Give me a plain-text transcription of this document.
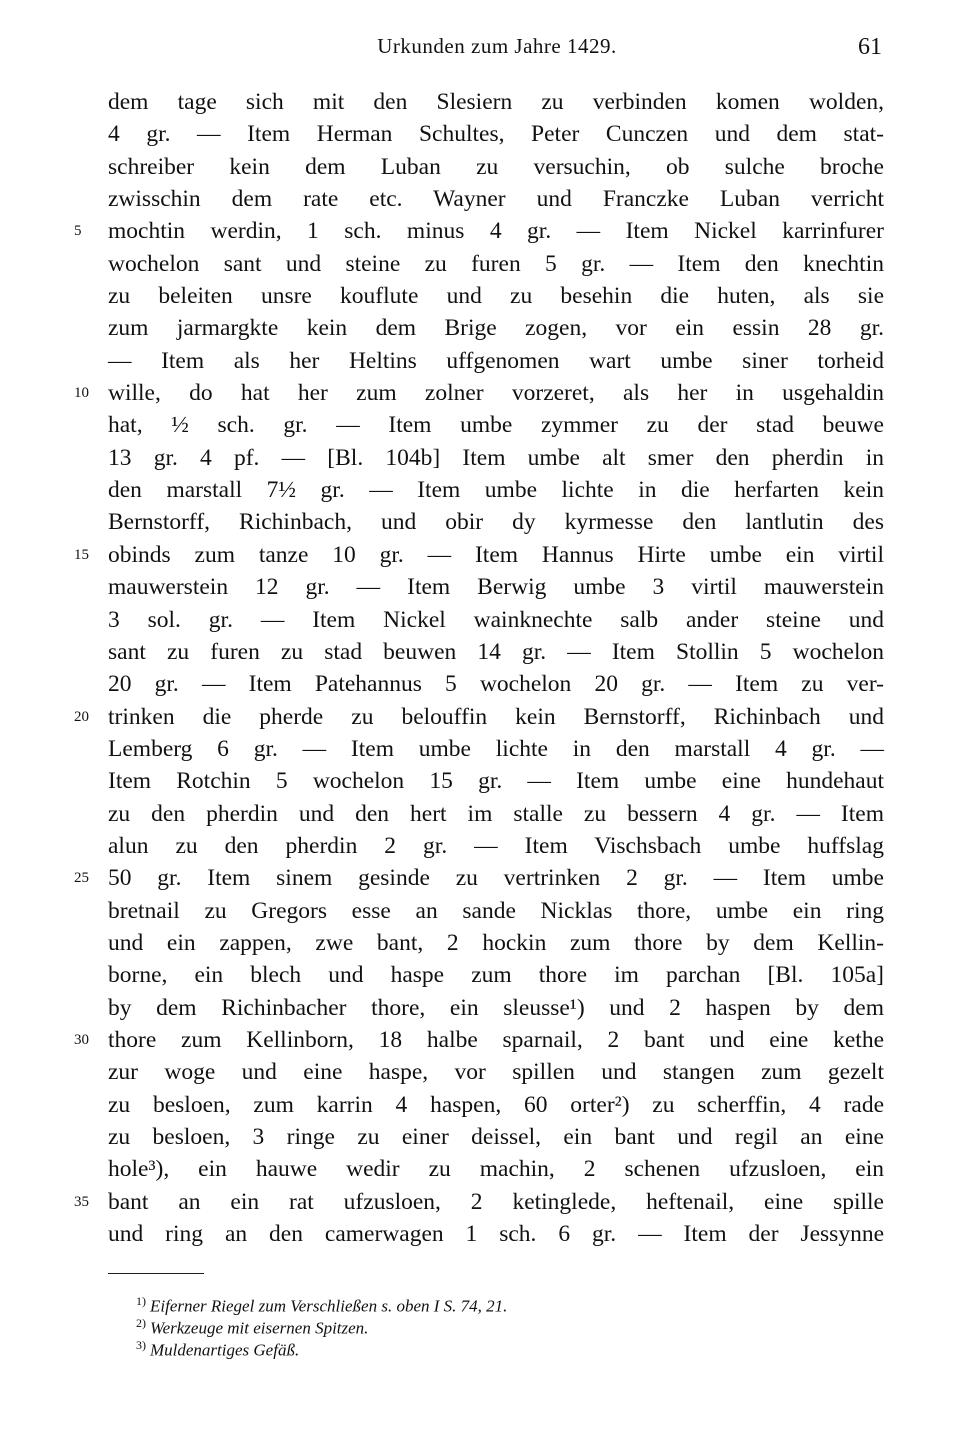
Urkunden zum Jahre 1429.	61
dem tage sich mit den Slesiern zu verbinden komen wolden,
4 gr. — Item Herman Schultes, Peter Cunczen und dem stat-
schreiber kein dem Luban zu versuchin, ob sulche broche
zwisschin dem rate etc. Wayner und Franczke Luban verricht
5	mochtin werdin, 1 sch. minus 4 gr. — Item Nickel karrinfurer
wochelon sant und steine zu furen 5 gr. — Item den knechtin
zu beleiten unsre kouflute und zu besehin die huten, als sie
zum jarmargkte kein dem Brige zogen, vor ein essin 28 gr.
— Item als her Heltins uffgenomen wart umbe siner torheid
10 wille, do hat her zum zolner vorzeret, als her in usgehaldin
hat, ½ sch. gr. — Item umbe zymmer zu der stad beuwe
13 gr. 4 pf. — [Bl. 104b] Item umbe alt smer den pherdin in
den marstall 7½ gr. — Item umbe lichte in die herfarten kein
Bernstorff, Richinbach, und obir dy kyrmesse den lantlutin des
15 obinds zum tanze 10 gr. — Item Hannus Hirte umbe ein virtil
mauwerstein 12 gr. — Item Berwig umbe 3 virtil mauwerstein
3 sol. gr. — Item Nickel wainknechte salb ander steine und
sant zu furen zu stad beuwen 14 gr. — Item Stollin 5 wochelon
20 gr. — Item Patehannus 5 wochelon 20 gr. — Item zu ver-
20 trinken die pherde zu belouffin kein Bernstorff, Richinbach und
Lemberg 6 gr. — Item umbe lichte in den marstall 4 gr. —
Item Rotchin 5 wochelon 15 gr. — Item umbe eine hundehaut
zu den pherdin und den hert im stalle zu bessern 4 gr. — Item
alun zu den pherdin 2 gr. — Item Vischsbach umbe huffslag
25 50 gr. Item sinem gesinde zu vertrinken 2 gr. — Item umbe
bretnail zu Gregors esse an sande Nicklas thore, umbe ein ring
und ein zappen, zwe bant, 2 hockin zum thore by dem Kellin-
borne, ein blech und haspe zum thore im parchan [Bl. 105a]
by dem Richinbacher thore, ein sleusse¹) und 2 haspen by dem
30 thore zum Kellinborn, 18 halbe sparnail, 2 bant und eine kethe
zur woge und eine haspe, vor spillen und stangen zum gezelt
zu besloen, zum karrin 4 haspen, 60 orter²) zu scherffin, 4 rade
zu besloen, 3 ringe zu einer deissel, ein bant und regil an eine
hole³), ein hauwe wedir zu machin, 2 schenen ufzusloen, ein
35 bant an ein rat ufzusloen, 2 ketinglede, heftenail, eine spille
und ring an den camerwagen 1 sch. 6 gr. — Item der Jessynne
$^{1)}$ Eiferner Riegel zum Verschließen s. oben I S. 74, 21.
$^{2)}$ Werkzeuge mit eisernen Spitzen.
$^{3)}$ Muldenartiges Gefäß.
